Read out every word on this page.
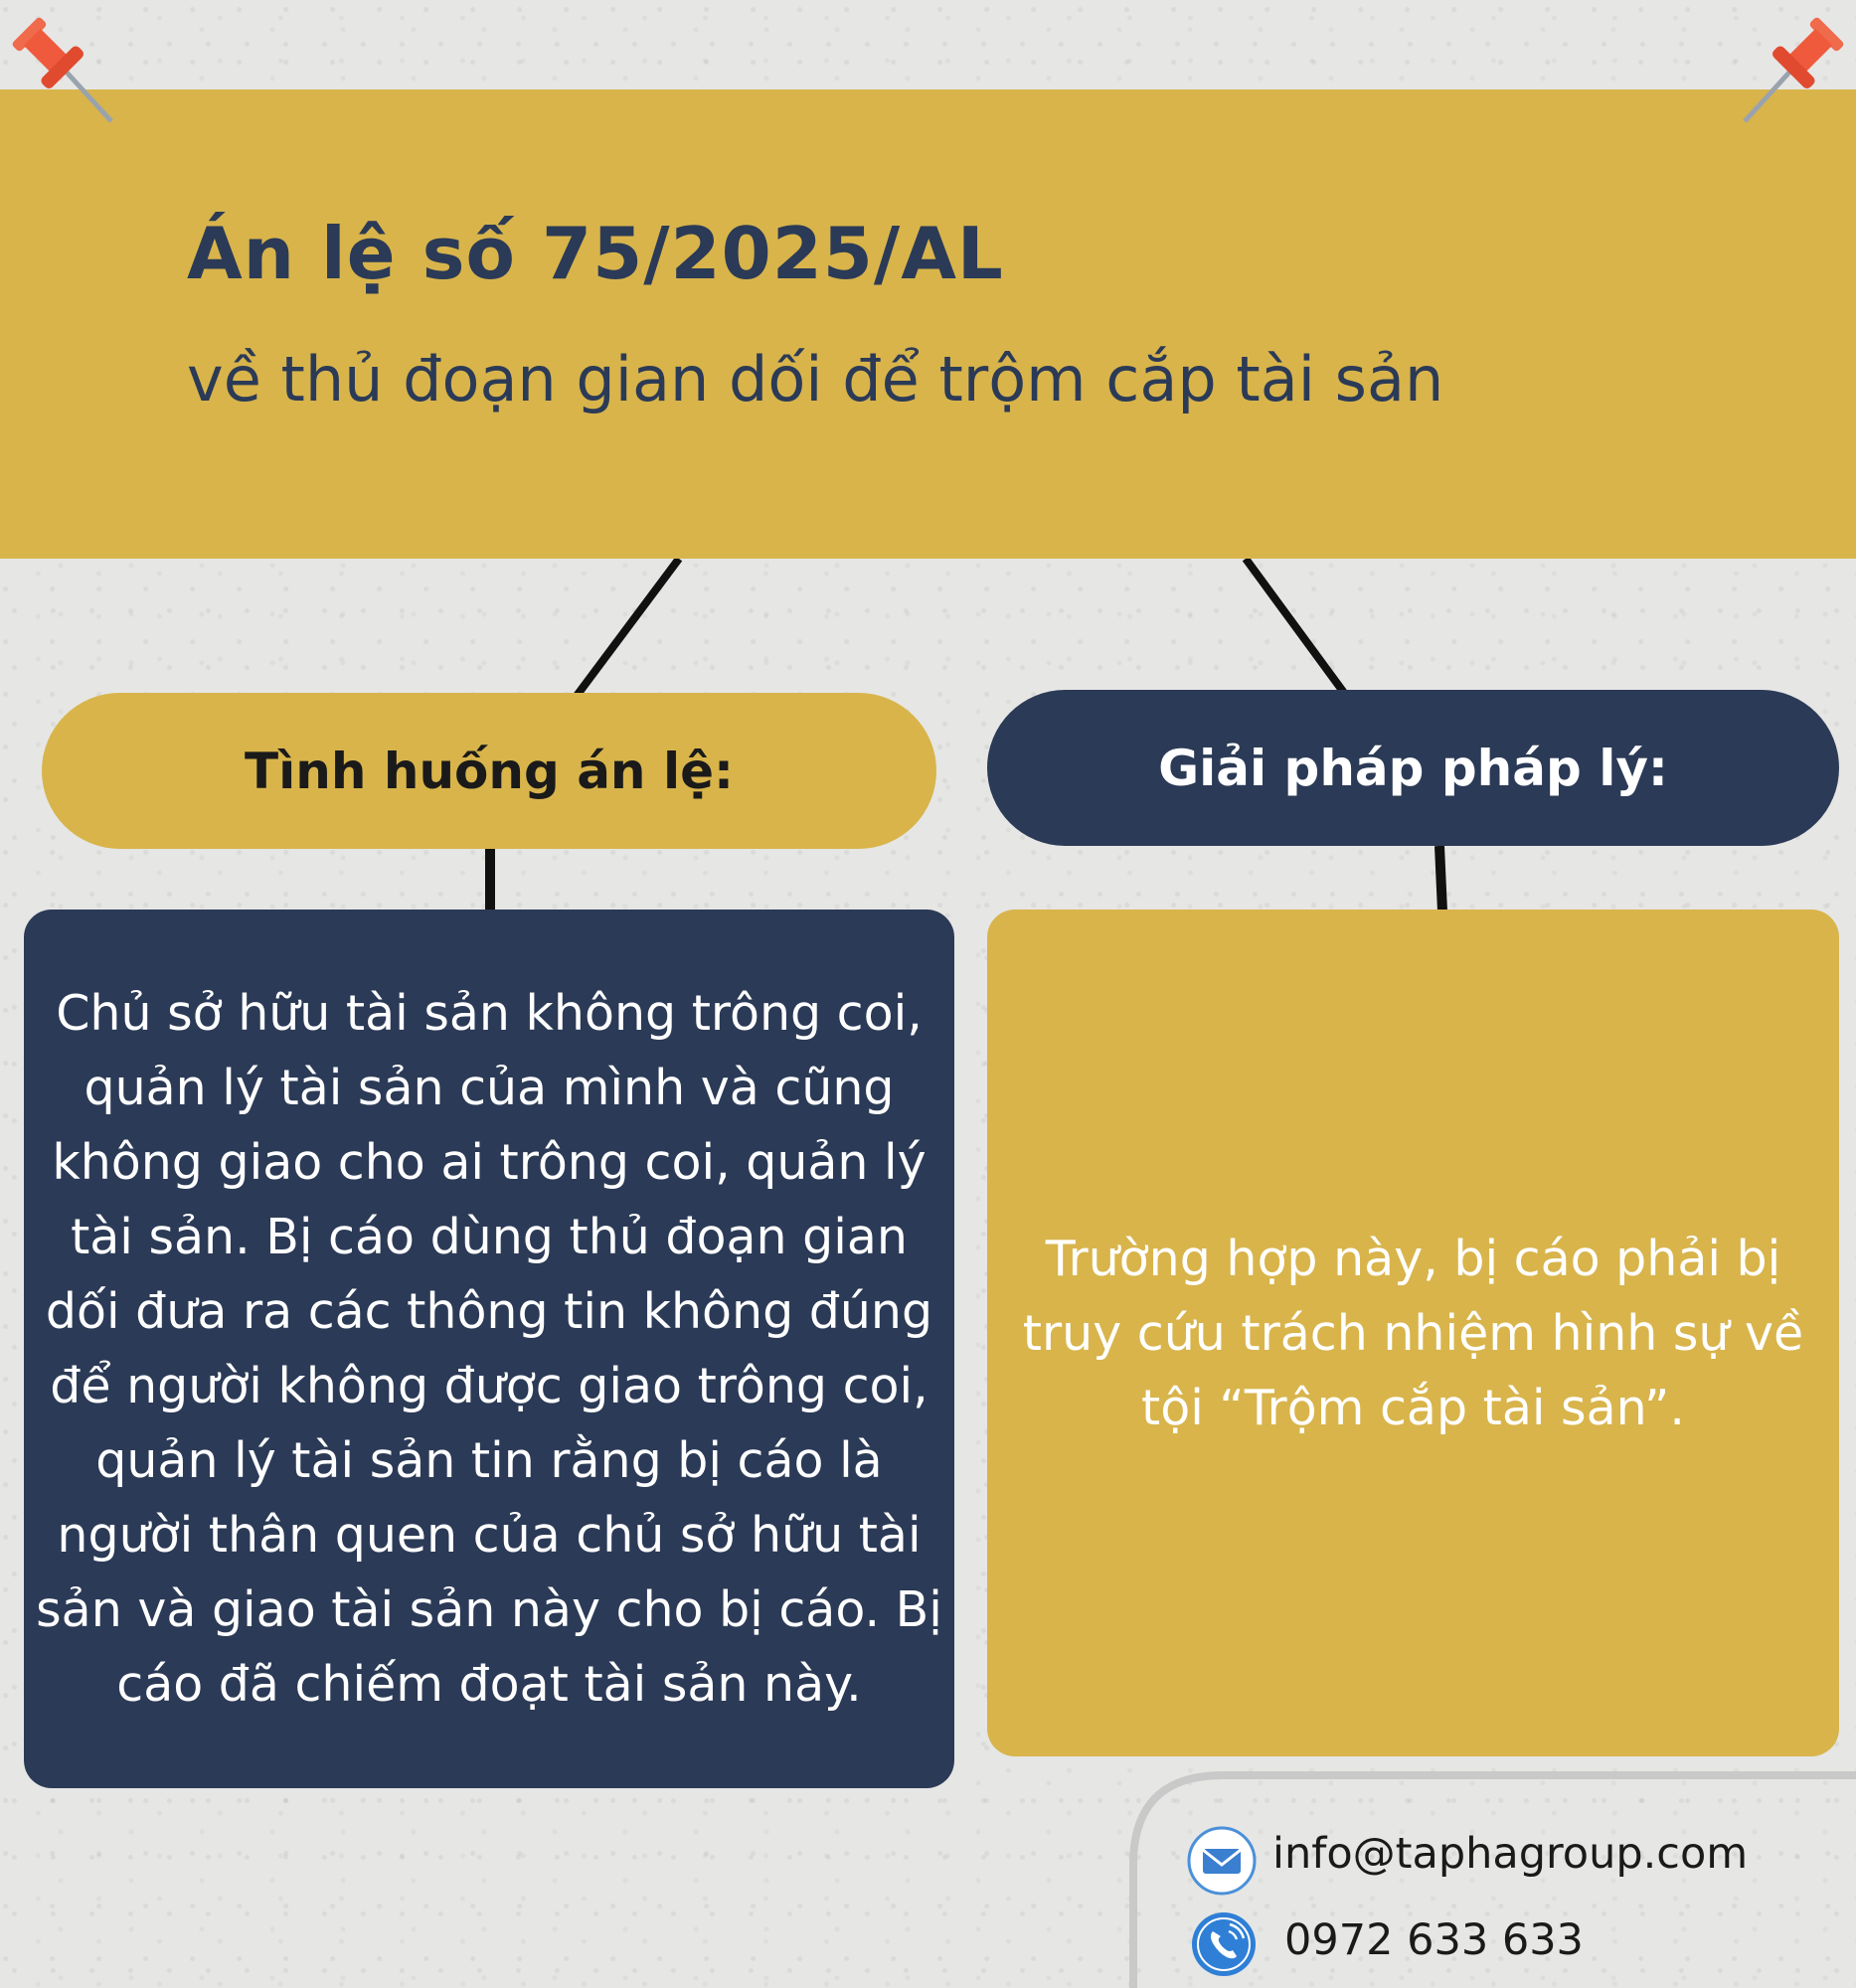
Án lệ số 75/2025/AL
về thủ đoạn gian dối để trộm cắp tài sản
Tình huống án lệ:	Giải pháp pháp lý:
Chủ sở hữu tài sản không trông coi, quản lý tài sản của mình và cũng không giao cho ai trông coi, quản lý tài sản. Bị cáo dùng thủ đoạn gian dối đưa ra các thông tin không đúng để người không được giao trông coi, quản lý tài sản tin rằng bị cáo là người thân quen của chủ sở hữu tài sản và giao tài sản này cho bị cáo. Bị cáo đã chiếm đoạt tài sản này.
Trường hợp này, bị cáo phải bị truy cứu trách nhiệm hình sự về tội “Trộm cắp tài sản”.
info@taphagroup.com
0972 633 633
